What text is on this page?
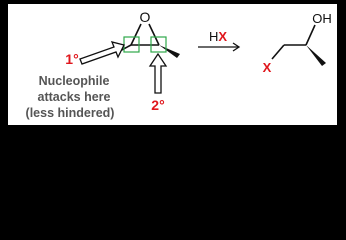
O
1°
2°
Nucleophile
attacks here
(less hindered)
HX
OH
X
